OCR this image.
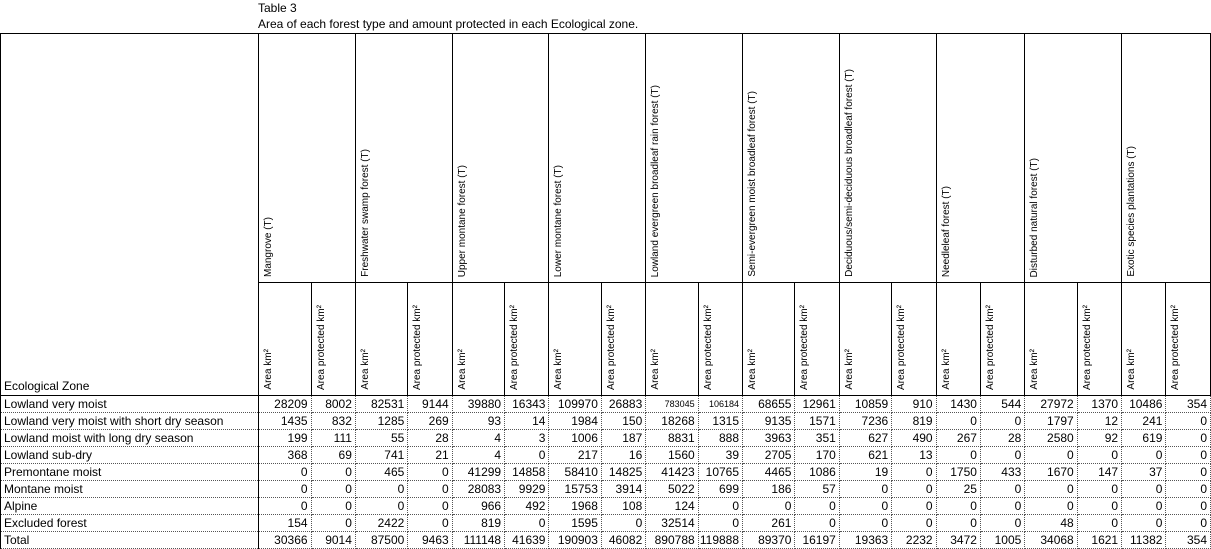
Table 3
Area of each forest type and amount protected in each Ecological zone.
Ecological Zone	Mangrove (T)		Freshwater swamp forest (T)		Upper montane forest (T)		Lower montane forest (T)		Lowland evergreen broadleaf rain forest (T)		Semi-evergreen moist broadleaf forest (T)		Deciduous/semi-deciduous broadleaf forest (T)		Needleleaf forest (T)		Disturbed natural forest (T)		Exotic species plantations (T)	
	Area km²	Area protected km²	Area km²	Area protected km²	Area km²	Area protected km²	Area km²	Area protected km²	Area km²	Area protected km²	Area km²	Area protected km²	Area km²	Area protected km²	Area km²	Area protected km²	Area km²	Area protected km²	Area km²	Area protected km²
Lowland very moist	28209	8002	82531	9144	39880	16343	109970	26883	783045	106184	68655	12961	10859	910	1430	544	27972	1370	10486	354
Lowland very moist with short dry season	1435	832	1285	269	93	14	1984	150	18268	1315	9135	1571	7236	819	0	0	1797	12	241	0
Lowland moist with long dry season	199	111	55	28	4	3	1006	187	8831	888	3963	351	627	490	267	28	2580	92	619	0
Lowland sub-dry	368	69	741	21	4	0	217	16	1560	39	2705	170	621	13	0	0	0	0	0	0
Premontane moist	0	0	465	0	41299	14858	58410	14825	41423	10765	4465	1086	19	0	1750	433	1670	147	37	0
Montane moist	0	0	0	0	28083	9929	15753	3914	5022	699	186	57	0	0	25	0	0	0	0	0
Alpine	0	0	0	0	966	492	1968	108	124	0	0	0	0	0	0	0	0	0	0	0
Excluded forest	154	0	2422	0	819	0	1595	0	32514	0	261	0	0	0	0	0	48	0	0	0
Total	30366	9014	87500	9463	111148	41639	190903	46082	890788	119888	89370	16197	19363	2232	3472	1005	34068	1621	11382	354
